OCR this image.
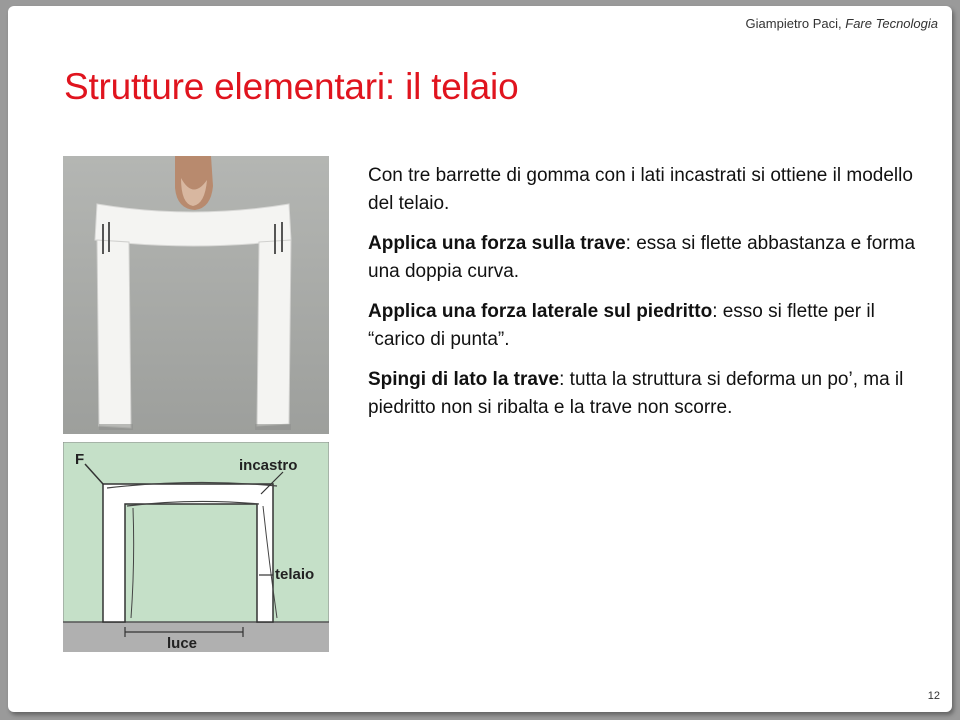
Giampietro Paci, Fare Tecnologia
Strutture elementari: il telaio
F	incastro
telaio
luce

Con tre barrette di gomma con i lati incastrati si ottiene il modello del telaio.

Applica una forza sulla trave: essa si flette abbastanza e forma una doppia curva.

Applica una forza laterale sul piedritto: esso si flette per il “carico di punta”.

Spingi di lato la trave: tutta la struttura si deforma un po’, ma il piedritto non si ribalta e la trave non scorre.

12
